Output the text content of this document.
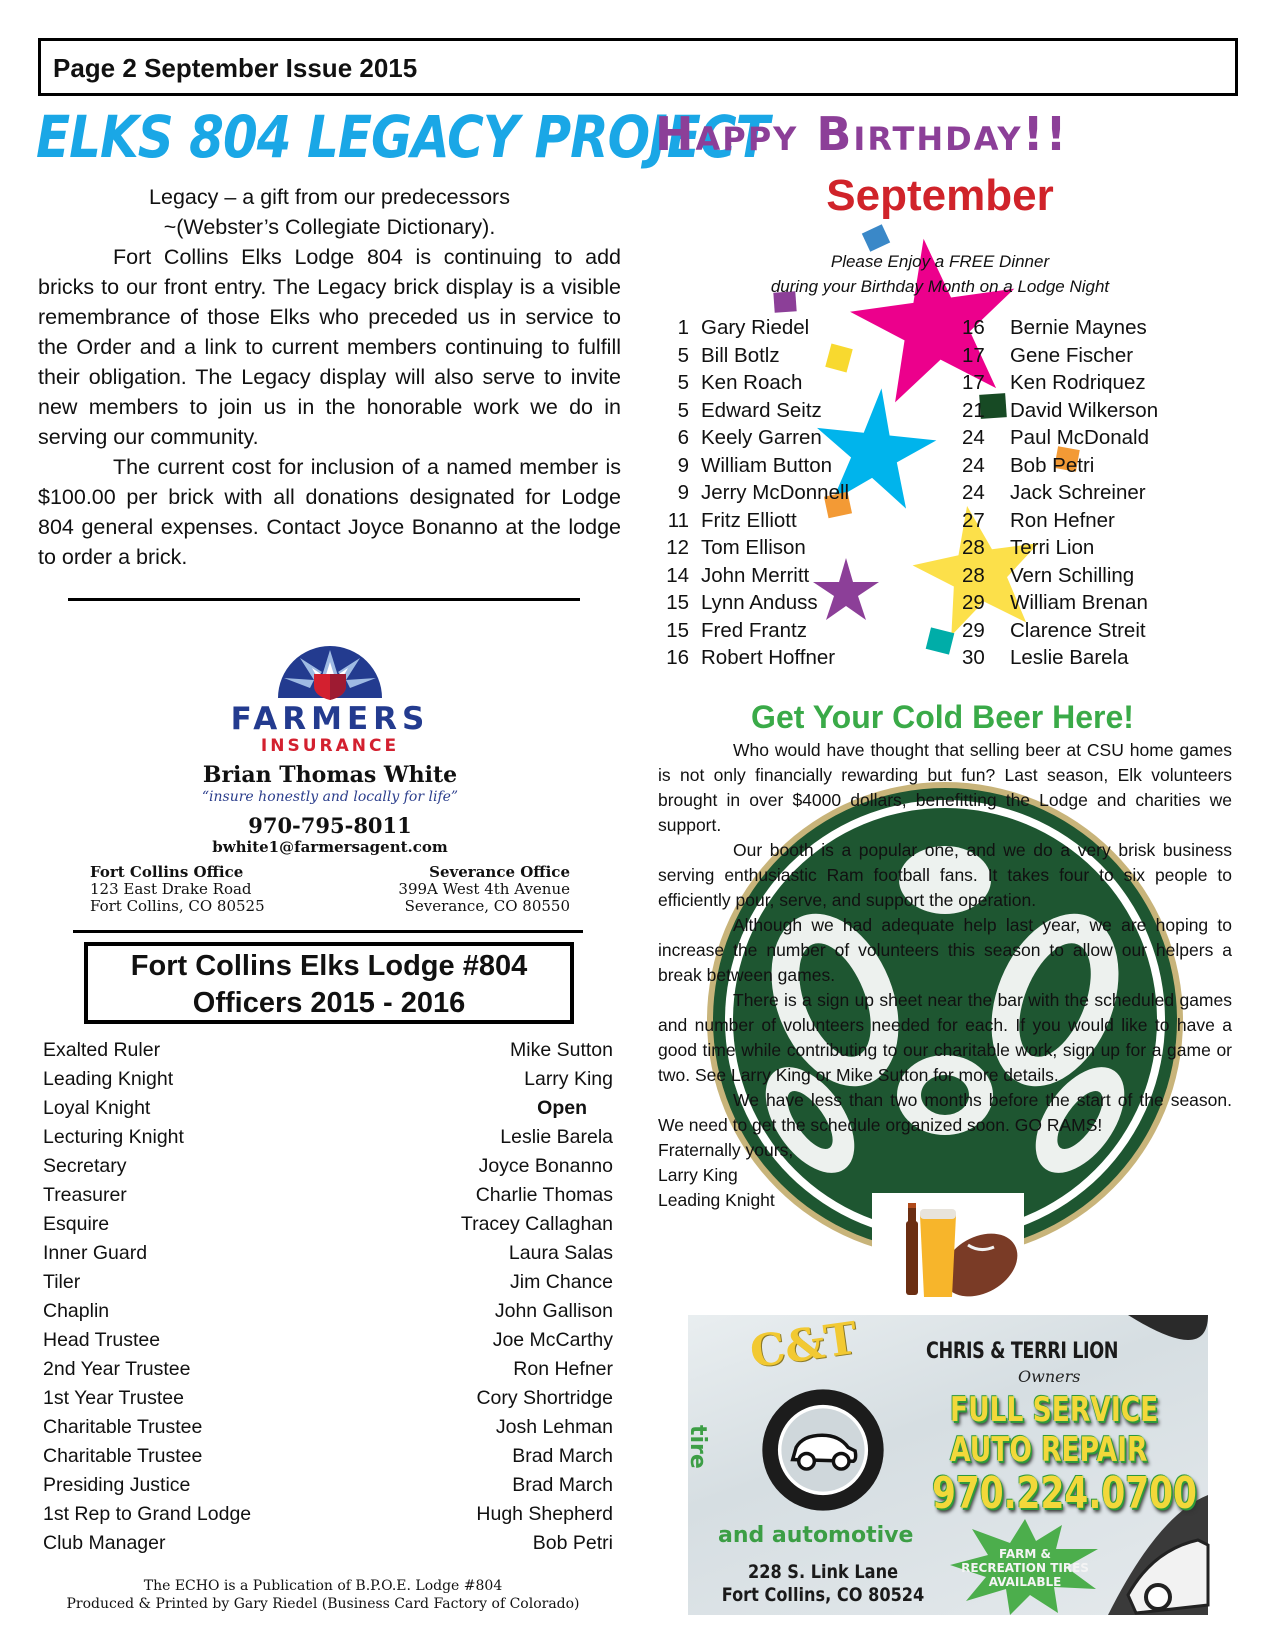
Page 2 September Issue 2015
ELKS 804 LEGACY PROJECT

Legacy – a gift from our predecessors

~(Webster’s Collegiate Dictionary).

Fort Collins Elks Lodge 804 is continuing to add bricks to our front entry. The Legacy brick display is a visible remembrance of those Elks who preceded us in service to the Order and a link to current members continuing to fulfill their obligation. The Legacy display will also serve to invite new members to join us in the honorable work we do in serving our community.

The current cost for inclusion of a named member is $100.00 per brick with all donations designated for Lodge 804 general expenses. Contact Joyce Bonanno at the lodge to order a brick.

FARMERS
INSURANCE
Brian Thomas White
“insure honestly and locally for life”
970-795-8011
bwhite1@farmersagent.com
Fort Collins Office
123 East Drake Road
Fort Collins, CO 80525
Severance Office
399A West 4th Avenue
Severance, CO 80550
Fort Collins Elks Lodge #804
Officers 2015 - 2016
Exalted Ruler	Mike Sutton
Leading Knight	Larry King
Loyal Knight	Open
Lecturing Knight	Leslie Barela
Secretary	Joyce Bonanno
Treasurer	Charlie Thomas
Esquire	Tracey Callaghan
Inner Guard	Laura Salas
Tiler	Jim Chance
Chaplin	John Gallison
Head Trustee	Joe McCarthy
2nd Year Trustee	Ron Hefner
1st Year Trustee	Cory Shortridge
Charitable Trustee	Josh Lehman
Charitable Trustee	Brad March
Presiding Justice	Brad March
1st Rep to Grand Lodge	Hugh Shepherd
Club Manager	Bob Petri
The ECHO is a Publication of B.P.O.E. Lodge #804
Produced & Printed by Gary Riedel (Business Card Factory of Colorado)
Happy Birthday!!
September
Please Enjoy a FREE Dinner
during your Birthday Month on a Lodge Night
1 Gary Riedel
5 Bill Botlz
5 Ken Roach
5 Edward Seitz
6 Keely Garren
9 William Button
9 Jerry McDonnell
11 Fritz Elliott
12 Tom Ellison
14 John Merritt
15 Lynn Anduss
15 Fred Frantz
16 Robert Hoffner
16	Bernie Maynes
17	Gene Fischer
17	Ken Rodriquez
21	David Wilkerson
24	Paul McDonald
24	Bob Petri
24	Jack Schreiner
27	Ron Hefner
28	Terri Lion
28	Vern Schilling
29	William Brenan
29	Clarence Streit
30	Leslie Barela
Get Your Cold Beer Here!

Who would have thought that selling beer at CSU home games is not only financially rewarding but fun? Last season, Elk volunteers brought in over $4000 dollars, benefitting the Lodge and charities we support.

Our booth is a popular one, and we do a very brisk business serving enthusiastic Ram football fans. It takes four to six people to efficiently pour, serve, and support the operation.

Although we had adequate help last year, we are hoping to increase the number of volunteers this season to allow our helpers a break between games.

There is a sign up sheet near the bar with the scheduled games and number of volunteers needed for each. If you would like to have a good time while contributing to our charitable work, sign up for a game or two. See Larry King or Mike Sutton for more details.

We have less than two months before the start of the season. We need to get the schedule organized soon. GO RAMS!

Fraternally yours,
Larry King
Leading Knight
C&T
tire
and automotive
CHRIS & TERRI LION
Owners
FULL SERVICE
AUTO REPAIR
970.224.0700
FARM &
RECREATION TIRES
AVAILABLE
228 S. Link Lane
Fort Collins, CO 80524
